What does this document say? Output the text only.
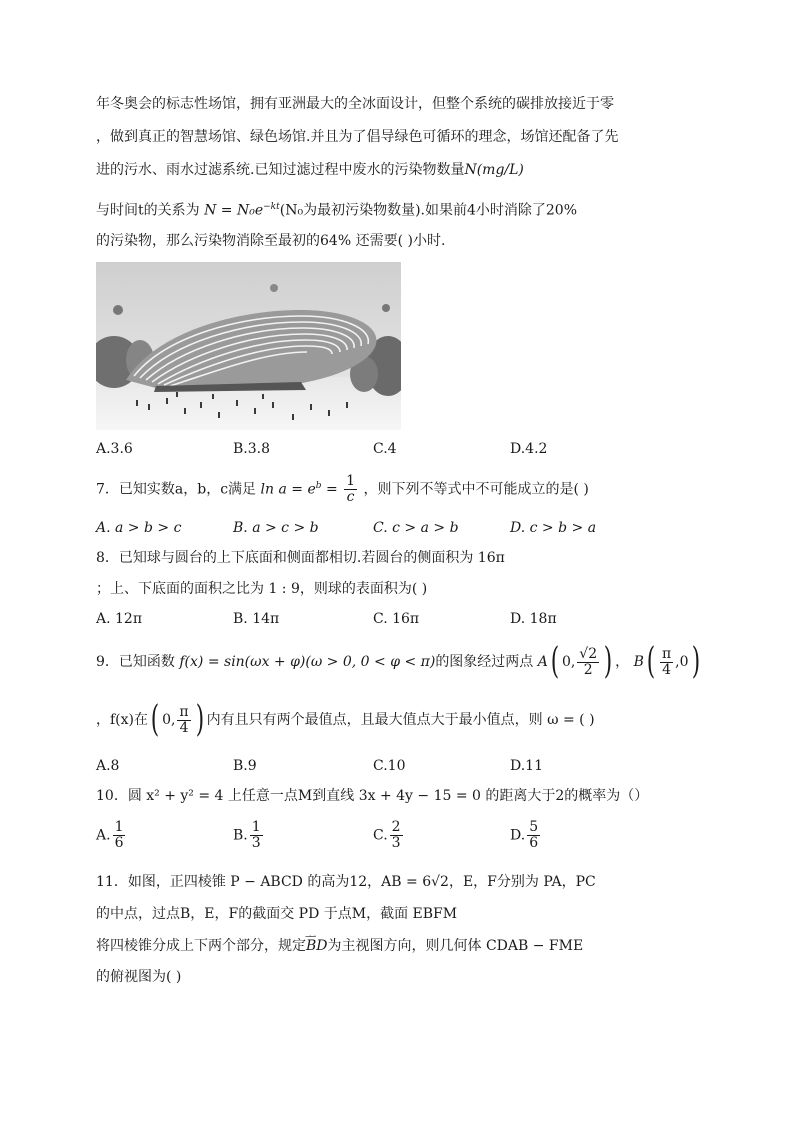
年冬奥会的标志性场馆，拥有亚洲最大的全冰面设计，但整个系统的碳排放接近于零
，做到真正的智慧场馆、绿色场馆.并且为了倡导绿色可循环的理念，场馆还配备了先
进的污水、雨水过滤系统.已知过滤过程中废水的污染物数量N(mg/L)
与时间t的关系为 $N = N_0e^{-kt}(N_0$为最初污染物数量).如果前4小时消除了20%
的污染物，那么污染物消除至最初的64% 还需要( )小时.
A.3.6	B.3.8	C.4	D.4.2
7．已知实数a，b，c满足 $\ln a = e^b = \frac{1}{c}$ ，则下列不等式中不可能成立的是( )
A. a > b > c	B. a > c > b	C. c > a > b	D. c > b > a
8．已知球与圆台的上下底面和侧面都相切.若圆台的侧面积为 16π
；上、下底面的面积之比为 1 : 9，则球的表面积为( )
A. 12π	B. 14π	C. 16π	D. 18π
9．已知函数 f(x) = sin(ωx + φ)(ω > 0, 0 < φ < π)的图象经过两点 A( 0, $\frac{√2}{2}$ ) ， $B( \frac{\pi}{4} ,0)$
，f(x)在( 0, $\frac{\pi}{4}$ ) 内有且只有两个最值点，且最大值点大于最小值点，则 ω = ( )
A.8	B.9	C.10	D.11
10．圆 x² + y² = 4 上任意一点M到直线 3x + 4y − 15 = 0 的距离大于2的概率为（）
A. $\frac{1}{6}$	B. $\frac{1}{3}$	C. $\frac{2}{3}$	D. $\frac{5}{6}$
11．如图，正四棱锥 P − ABCD 的高为12，AB = 6√2，E，F分别为 PA，PC
的中点，过点B，E，F的截面交 PD 于点M，截面 EBFM
将四棱锥分成上下两个部分，规定⇀⇀ BD为主视图方向，则几何体 CDAB − FME
的俯视图为( )
